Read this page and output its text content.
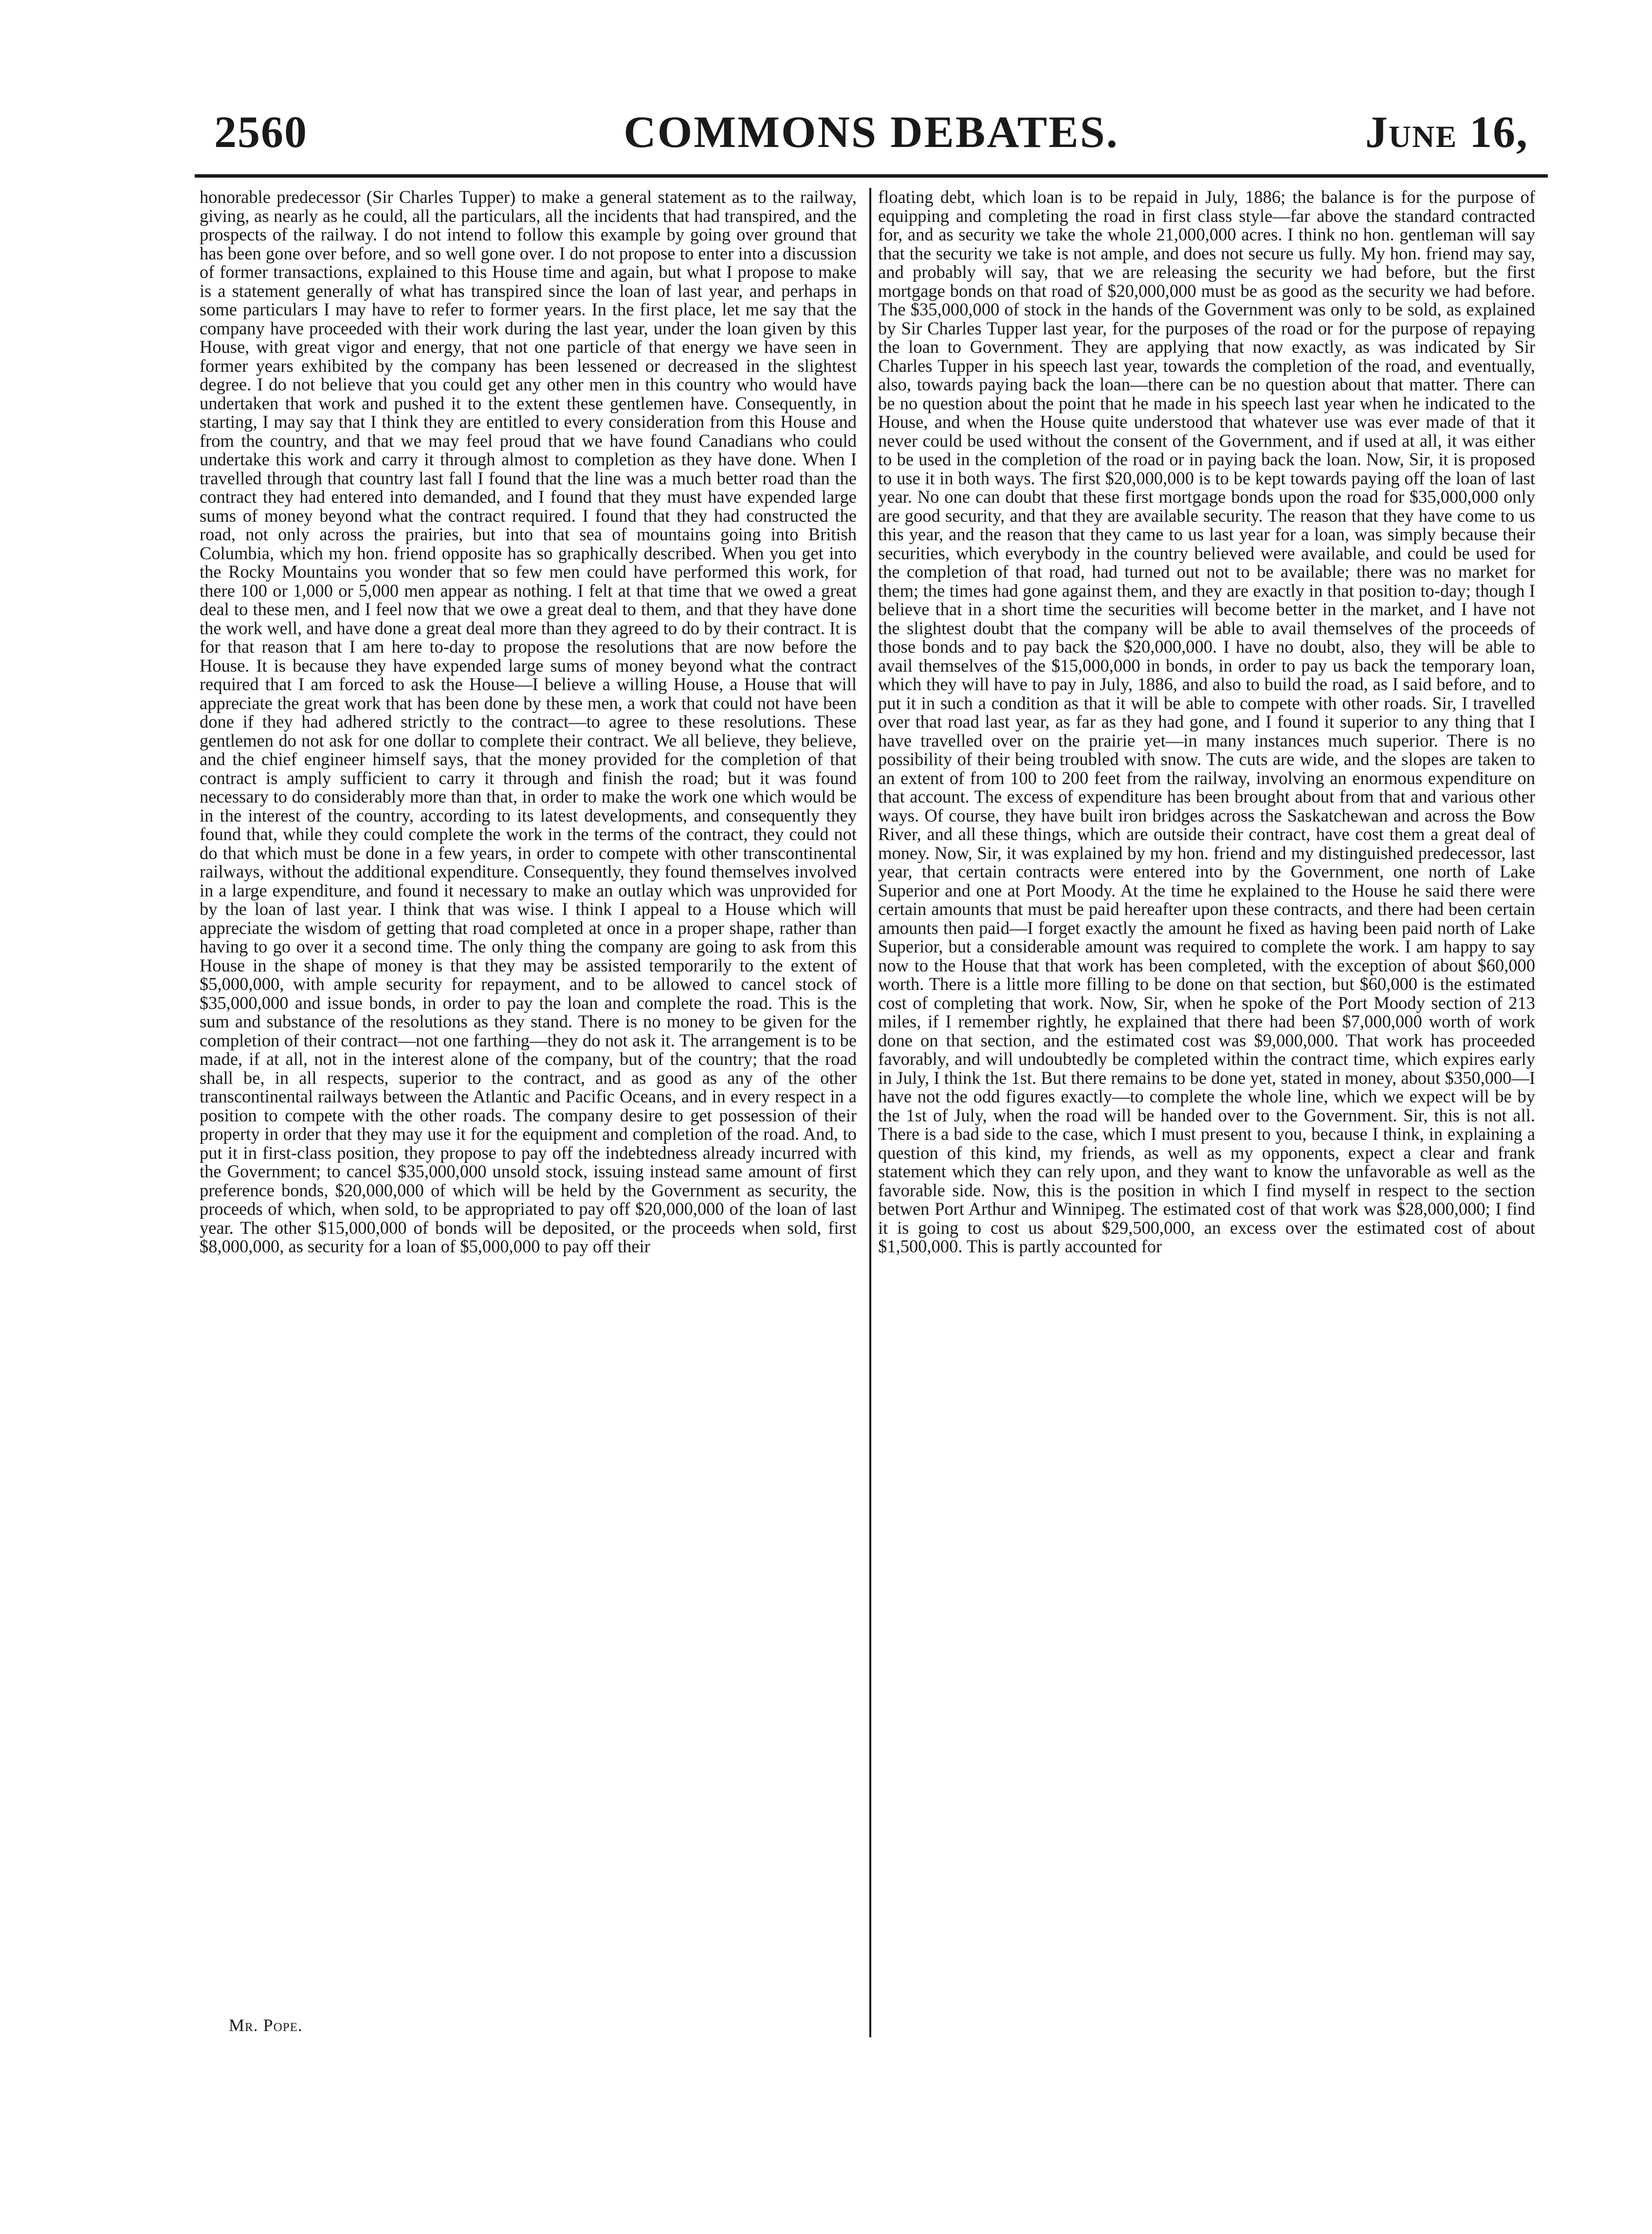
2560	COMMONS DEBATES.	June 16,

honorable predecessor (Sir Charles Tupper) to make a general statement as to the railway, giving, as nearly as he could, all the particulars, all the incidents that had transpired, and the prospects of the railway. I do not intend to follow this example by going over ground that has been gone over before, and so well gone over. I do not propose to enter into a discussion of former transactions, explained to this House time and again, but what I propose to make is a statement generally of what has transpired since the loan of last year, and perhaps in some particulars I may have to refer to former years. In the first place, let me say that the company have proceeded with their work during the last year, under the loan given by this House, with great vigor and energy, that not one particle of that energy we have seen in former years exhibited by the company has been lessened or decreased in the slightest degree. I do not believe that you could get any other men in this country who would have undertaken that work and pushed it to the extent these gentlemen have. Consequently, in starting, I may say that I think they are entitled to every consideration from this House and from the country, and that we may feel proud that we have found Canadians who could undertake this work and carry it through almost to completion as they have done. When I travelled through that country last fall I found that the line was a much better road than the contract they had entered into demanded, and I found that they must have expended large sums of money beyond what the contract required. I found that they had constructed the road, not only across the prairies, but into that sea of mountains going into British Columbia, which my hon. friend opposite has so graphically described. When you get into the Rocky Mountains you wonder that so few men could have performed this work, for there 100 or 1,000 or 5,000 men appear as nothing. I felt at that time that we owed a great deal to these men, and I feel now that we owe a great deal to them, and that they have done the work well, and have done a great deal more than they agreed to do by their contract. It is for that reason that I am here to-day to propose the resolutions that are now before the House. It is because they have expended large sums of money beyond what the contract required that I am forced to ask the House—I believe a willing House, a House that will appreciate the great work that has been done by these men, a work that could not have been done if they had adhered strictly to the contract—to agree to these resolutions. These gentlemen do not ask for one dollar to complete their contract. We all believe, they believe, and the chief engineer himself says, that the money provided for the completion of that contract is amply sufficient to carry it through and finish the road; but it was found necessary to do considerably more than that, in order to make the work one which would be in the interest of the country, according to its latest developments, and consequently they found that, while they could complete the work in the terms of the contract, they could not do that which must be done in a few years, in order to compete with other transcontinental railways, without the additional expenditure. Consequently, they found themselves involved in a large expenditure, and found it necessary to make an outlay which was unprovided for by the loan of last year. I think that was wise. I think I appeal to a House which will appreciate the wisdom of getting that road completed at once in a proper shape, rather than having to go over it a second time. The only thing the company are going to ask from this House in the shape of money is that they may be assisted temporarily to the extent of $5,000,000, with ample security for repayment, and to be allowed to cancel stock of $35,000,000 and issue bonds, in order to pay the loan and complete the road. This is the sum and substance of the resolutions as they stand. There is no money to be given for the completion of their contract—not one farthing—they do not ask it. The arrangement is to be made, if at all, not in the interest alone of the company, but of the country; that the road shall be, in all respects, superior to the contract, and as good as any of the other transcontinental railways between the Atlantic and Pacific Oceans, and in every respect in a position to compete with the other roads. The company desire to get possession of their property in order that they may use it for the equipment and completion of the road. And, to put it in first-class position, they propose to pay off the indebtedness already incurred with the Government; to cancel $35,000,000 unsold stock, issuing instead same amount of first preference bonds, $20,000,000 of which will be held by the Government as security, the proceeds of which, when sold, to be appropriated to pay off $20,000,000 of the loan of last year. The other $15,000,000 of bonds will be deposited, or the proceeds when sold, first $8,000,000, as security for a loan of $5,000,000 to pay off their

floating debt, which loan is to be repaid in July, 1886; the balance is for the purpose of equipping and completing the road in first class style—far above the standard contracted for, and as security we take the whole 21,000,000 acres. I think no hon. gentleman will say that the security we take is not ample, and does not secure us fully. My hon. friend may say, and probably will say, that we are releasing the security we had before, but the first mortgage bonds on that road of $20,000,000 must be as good as the security we had before. The $35,000,000 of stock in the hands of the Government was only to be sold, as explained by Sir Charles Tupper last year, for the purposes of the road or for the purpose of repaying the loan to Government. They are applying that now exactly, as was indicated by Sir Charles Tupper in his speech last year, towards the completion of the road, and eventually, also, towards paying back the loan—there can be no question about that matter. There can be no question about the point that he made in his speech last year when he indicated to the House, and when the House quite understood that whatever use was ever made of that it never could be used without the consent of the Government, and if used at all, it was either to be used in the completion of the road or in paying back the loan. Now, Sir, it is proposed to use it in both ways. The first $20,000,000 is to be kept towards paying off the loan of last year. No one can doubt that these first mortgage bonds upon the road for $35,000,000 only are good security, and that they are available security. The reason that they have come to us this year, and the reason that they came to us last year for a loan, was simply because their securities, which everybody in the country believed were available, and could be used for the completion of that road, had turned out not to be available; there was no market for them; the times had gone against them, and they are exactly in that position to-day; though I believe that in a short time the securities will become better in the market, and I have not the slightest doubt that the company will be able to avail themselves of the proceeds of those bonds and to pay back the $20,000,000. I have no doubt, also, they will be able to avail themselves of the $15,000,000 in bonds, in order to pay us back the temporary loan, which they will have to pay in July, 1886, and also to build the road, as I said before, and to put it in such a condition as that it will be able to compete with other roads. Sir, I travelled over that road last year, as far as they had gone, and I found it superior to any thing that I have travelled over on the prairie yet—in many instances much superior. There is no possibility of their being troubled with snow. The cuts are wide, and the slopes are taken to an extent of from 100 to 200 feet from the railway, involving an enormous expenditure on that account. The excess of expenditure has been brought about from that and various other ways. Of course, they have built iron bridges across the Saskatchewan and across the Bow River, and all these things, which are outside their contract, have cost them a great deal of money. Now, Sir, it was explained by my hon. friend and my distinguished predecessor, last year, that certain contracts were entered into by the Government, one north of Lake Superior and one at Port Moody. At the time he explained to the House he said there were certain amounts that must be paid hereafter upon these contracts, and there had been certain amounts then paid—I forget exactly the amount he fixed as having been paid north of Lake Superior, but a considerable amount was required to complete the work. I am happy to say now to the House that that work has been completed, with the exception of about $60,000 worth. There is a little more filling to be done on that section, but $60,000 is the estimated cost of completing that work. Now, Sir, when he spoke of the Port Moody section of 213 miles, if I remember rightly, he explained that there had been $7,000,000 worth of work done on that section, and the estimated cost was $9,000,000. That work has proceeded favorably, and will undoubtedly be completed within the contract time, which expires early in July, I think the 1st. But there remains to be done yet, stated in money, about $350,000—I have not the odd figures exactly—to complete the whole line, which we expect will be by the 1st of July, when the road will be handed over to the Government. Sir, this is not all. There is a bad side to the case, which I must present to you, because I think, in explaining a question of this kind, my friends, as well as my opponents, expect a clear and frank statement which they can rely upon, and they want to know the unfavorable as well as the favorable side. Now, this is the position in which I find myself in respect to the section betwen Port Arthur and Winnipeg. The estimated cost of that work was $28,000,000; I find it is going to cost us about $29,500,000, an excess over the estimated cost of about $1,500,000. This is partly accounted for

Mr. Pope.
